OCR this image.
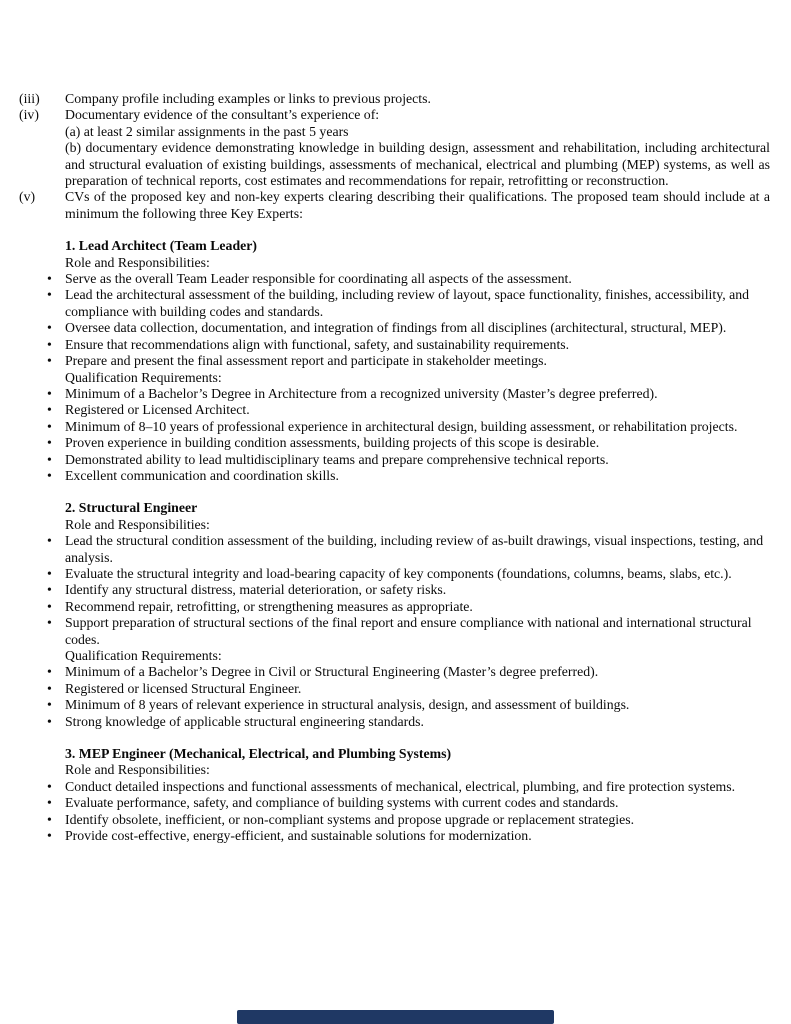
(iii)	Company profile including examples or links to previous projects.

(iv)	Documentary evidence of the consultant’s experience of:

(a) at least 2 similar assignments in the past 5 years

(b) documentary evidence demonstrating knowledge in building design, assessment and rehabilitation, including architectural and structural evaluation of existing buildings, assessments of mechanical, electrical and plumbing (MEP) systems, as well as preparation of technical reports, cost estimates and recommendations for repair, retrofitting or reconstruction.

(v)	CVs of the proposed key and non-key experts clearing describing their qualifications. The proposed team should include at a minimum the following three Key Experts:

1. Lead Architect (Team Leader)

Role and Responsibilities:

• Serve as the overall Team Leader responsible for coordinating all aspects of the assessment.
• Lead the architectural assessment of the building, including review of layout, space functionality, finishes, accessibility, and compliance with building codes and standards.
• Oversee data collection, documentation, and integration of findings from all disciplines (architectural, structural, MEP).
• Ensure that recommendations align with functional, safety, and sustainability requirements.
• Prepare and present the final assessment report and participate in stakeholder meetings.

Qualification Requirements:

• Minimum of a Bachelor’s Degree in Architecture from a recognized university (Master’s degree preferred).
• Registered or Licensed Architect.
• Minimum of 8–10 years of professional experience in architectural design, building assessment, or rehabilitation projects.
• Proven experience in building condition assessments, building projects of this scope is desirable.
• Demonstrated ability to lead multidisciplinary teams and prepare comprehensive technical reports.
• Excellent communication and coordination skills.
2. Structural Engineer

Role and Responsibilities:

• Lead the structural condition assessment of the building, including review of as-built drawings, visual inspections, testing, and analysis.
• Evaluate the structural integrity and load-bearing capacity of key components (foundations, columns, beams, slabs, etc.).
• Identify any structural distress, material deterioration, or safety risks.
• Recommend repair, retrofitting, or strengthening measures as appropriate.
• Support preparation of structural sections of the final report and ensure compliance with national and international structural codes.

Qualification Requirements:

• Minimum of a Bachelor’s Degree in Civil or Structural Engineering (Master’s degree preferred).
• Registered or licensed Structural Engineer.
• Minimum of 8 years of relevant experience in structural analysis, design, and assessment of buildings.
• Strong knowledge of applicable structural engineering standards.
3. MEP Engineer (Mechanical, Electrical, and Plumbing Systems)

Role and Responsibilities:

• Conduct detailed inspections and functional assessments of mechanical, electrical, plumbing, and fire protection systems.
• Evaluate performance, safety, and compliance of building systems with current codes and standards.
• Identify obsolete, inefficient, or non-compliant systems and propose upgrade or replacement strategies.
• Provide cost-effective, energy-efficient, and sustainable solutions for modernization.
